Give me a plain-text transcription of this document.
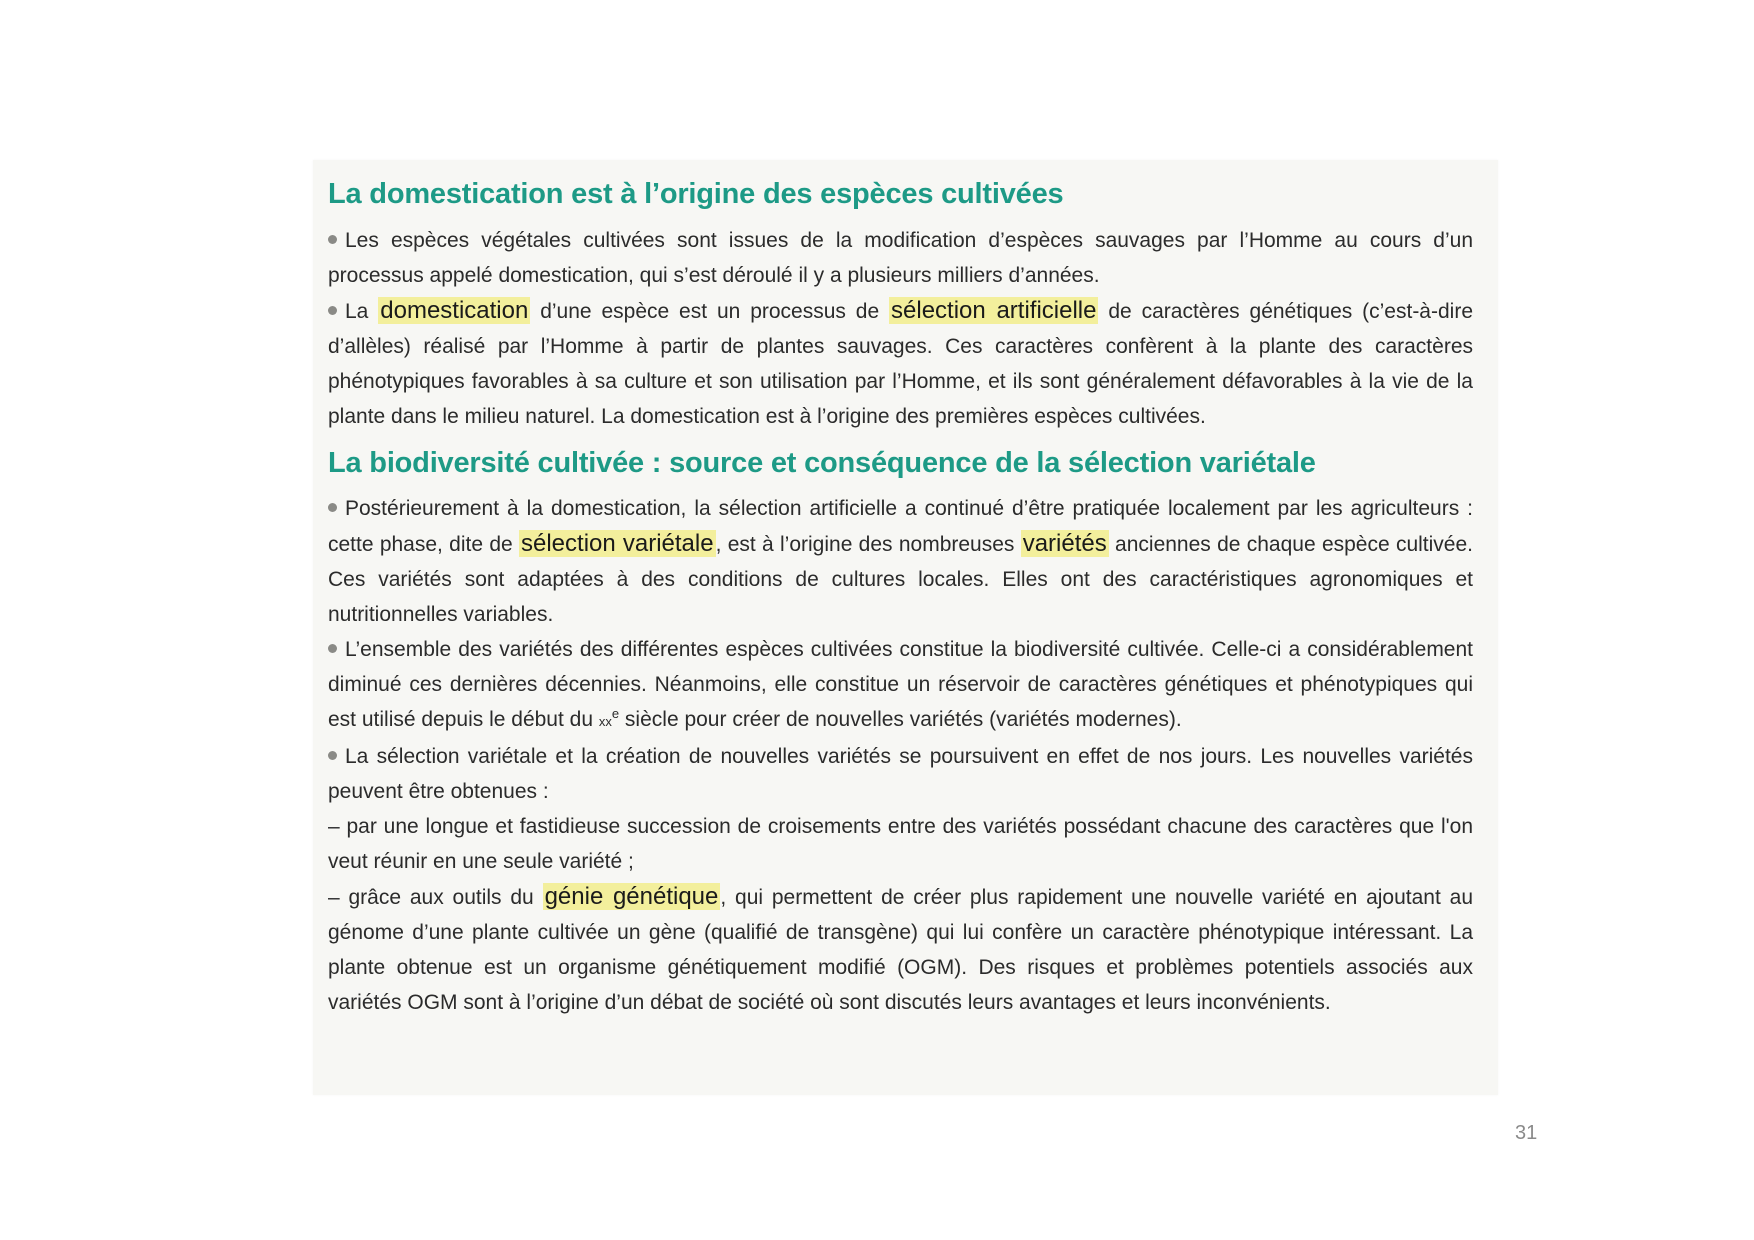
La domestication est à l’origine des espèces cultivées

Les espèces végétales cultivées sont issues de la modification d’espèces sauvages par l’Homme au cours d’un processus appelé domestication, qui s’est déroulé il y a plusieurs milliers d’années.

La domestication d’une espèce est un processus de sélection artificielle de caractères génétiques (c’est-à-dire d’allèles) réalisé par l’Homme à partir de plantes sauvages. Ces caractères confèrent à la plante des caractères phénotypiques favorables à sa culture et son utilisation par l’Homme, et ils sont généralement défavorables à la vie de la plante dans le milieu naturel. La domestication est à l’origine des premières espèces cultivées.

La biodiversité cultivée : source et conséquence de la sélection variétale

Postérieurement à la domestication, la sélection artificielle a continué d’être pratiquée localement par les agriculteurs : cette phase, dite de sélection variétale, est à l’origine des nombreuses variétés anciennes de chaque espèce cultivée. Ces variétés sont adaptées à des conditions de cultures locales. Elles ont des caractéristiques agronomiques et nutritionnelles variables.

L’ensemble des variétés des différentes espèces cultivées constitue la biodiversité cultivée. Celle-ci a considérablement diminué ces dernières décennies. Néanmoins, elle constitue un réservoir de caractères génétiques et phénotypiques qui est utilisé depuis le début du $xx^e$ siècle pour créer de nouvelles variétés (variétés modernes).

La sélection variétale et la création de nouvelles variétés se poursuivent en effet de nos jours. Les nouvelles variétés peuvent être obtenues :

– par une longue et fastidieuse succession de croisements entre des variétés possédant chacune des caractères que l'on veut réunir en une seule variété ;

– grâce aux outils du génie génétique, qui permettent de créer plus rapidement une nouvelle variété en ajoutant au génome d’une plante cultivée un gène (qualifié de transgène) qui lui confère un caractère phénotypique intéressant. La plante obtenue est un organisme génétiquement modifié (OGM). Des risques et problèmes potentiels associés aux variétés OGM sont à l’origine d’un débat de société où sont discutés leurs avantages et leurs inconvénients.

31
